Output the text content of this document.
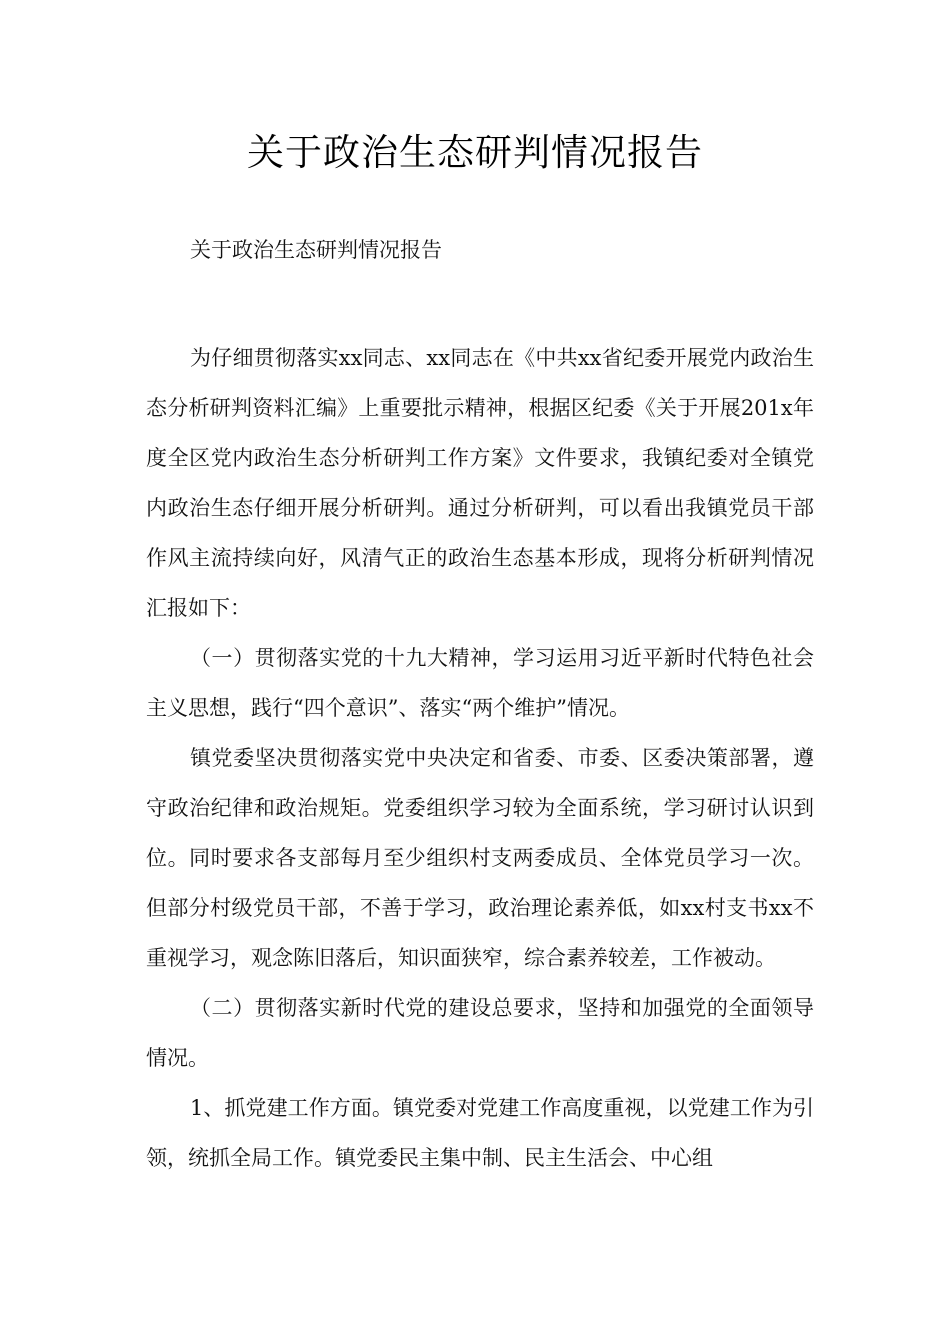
关于政治生态研判情况报告
关于政治生态研判情况报告

为仔细贯彻落实xx同志、xx同志在《中共xx省纪委开展党内政治生态分析研判资料汇编》上重要批示精神，根据区纪委《关于开展201x年度全区党内政治生态分析研判工作方案》文件要求，我镇纪委对全镇党内政治生态仔细开展分析研判。通过分析研判，可以看出我镇党员干部作风主流持续向好，风清气正的政治生态基本形成，现将分析研判情况汇报如下：

（一）贯彻落实党的十九大精神，学习运用习近平新时代特色社会主义思想，践行“四个意识”、落实“两个维护”情况。

镇党委坚决贯彻落实党中央决定和省委、市委、区委决策部署，遵守政治纪律和政治规矩。党委组织学习较为全面系统，学习研讨认识到位。同时要求各支部每月至少组织村支两委成员、全体党员学习一次。但部分村级党员干部，不善于学习，政治理论素养低，如xx村支书xx不重视学习，观念陈旧落后，知识面狭窄，综合素养较差，工作被动。

（二）贯彻落实新时代党的建设总要求，坚持和加强党的全面领导情况。

1、抓党建工作方面。镇党委对党建工作高度重视，以党建工作为引领，统抓全局工作。镇党委民主集中制、民主生活会、中心组
